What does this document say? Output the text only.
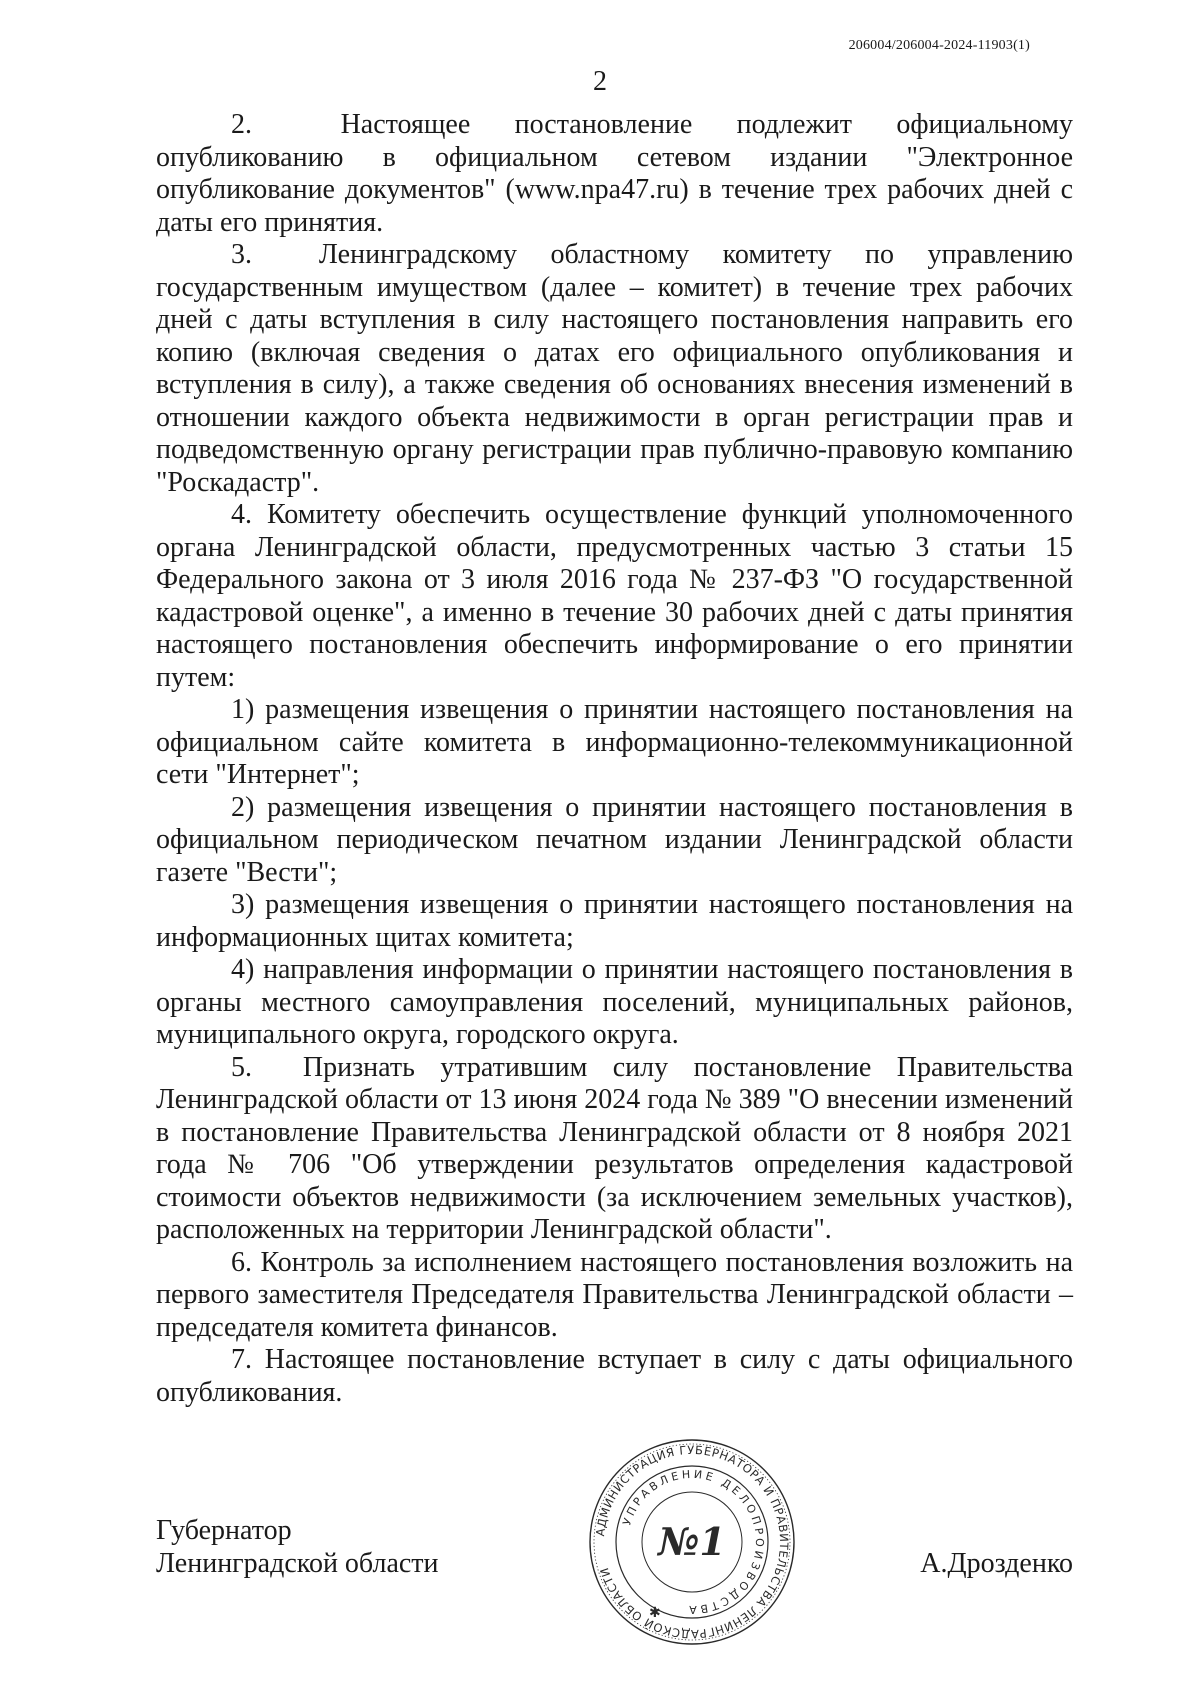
206004/206004-2024-11903(1)
2

2.  Настоящее постановление подлежит официальному опубликованию в официальном сетевом издании "Электронное опубликование документов" (www.npa47.ru) в течение трех рабочих дней с даты его принятия.

3.  Ленинградскому областному комитету по управлению государственным имуществом (далее – комитет) в течение трех рабочих дней с даты вступления в силу настоящего постановления направить его копию (включая сведения о датах его официального опубликования и вступления в силу), а также сведения об основаниях внесения изменений в отношении каждого объекта недвижимости в орган регистрации прав и подведомственную органу регистрации прав публично-правовую компанию "Роскадастр".

4. Комитету обеспечить осуществление функций уполномоченного органа Ленинградской области, предусмотренных частью 3 статьи 15 Федерального закона от 3 июля 2016 года № 237-ФЗ "О государственной кадастровой оценке", а именно в течение 30 рабочих дней с даты принятия настоящего постановления обеспечить информирование о его принятии путем:

1) размещения извещения о принятии настоящего постановления на официальном сайте комитета в информационно-телекоммуникационной сети "Интернет";

2) размещения извещения о принятии настоящего постановления в официальном периодическом печатном издании Ленинградской области газете "Вести";

3) размещения извещения о принятии настоящего постановления на информационных щитах комитета;

4) направления информации о принятии настоящего постановления в органы местного самоуправления поселений, муниципальных районов, муниципального округа, городского округа.

5.  Признать утратившим силу постановление Правительства Ленинградской области от 13 июня 2024 года № 389 "О внесении изменений в постановление Правительства Ленинградской области от 8 ноября 2021 года № 706 "Об утверждении результатов определения кадастровой стоимости объектов недвижимости (за исключением земельных участков), расположенных на территории Ленинградской области".

6. Контроль за исполнением настоящего постановления возложить на первого заместителя Председателя Правительства Ленинградской области – председателя комитета финансов.

7. Настоящее постановление вступает в силу с даты официального опубликования.

Губернатор
Ленинградской области	А.Дрозденко
АДМИНИСТРАЦИЯ ГУБЕРНАТОРА И ПРАВИТЕЛЬСТВА ЛЕНИНГРАДСКОЙ ОБЛАСТИ
УПРАВЛЕНИЕ ДЕЛОПРОИЗВОДСТВА
№1
✱
